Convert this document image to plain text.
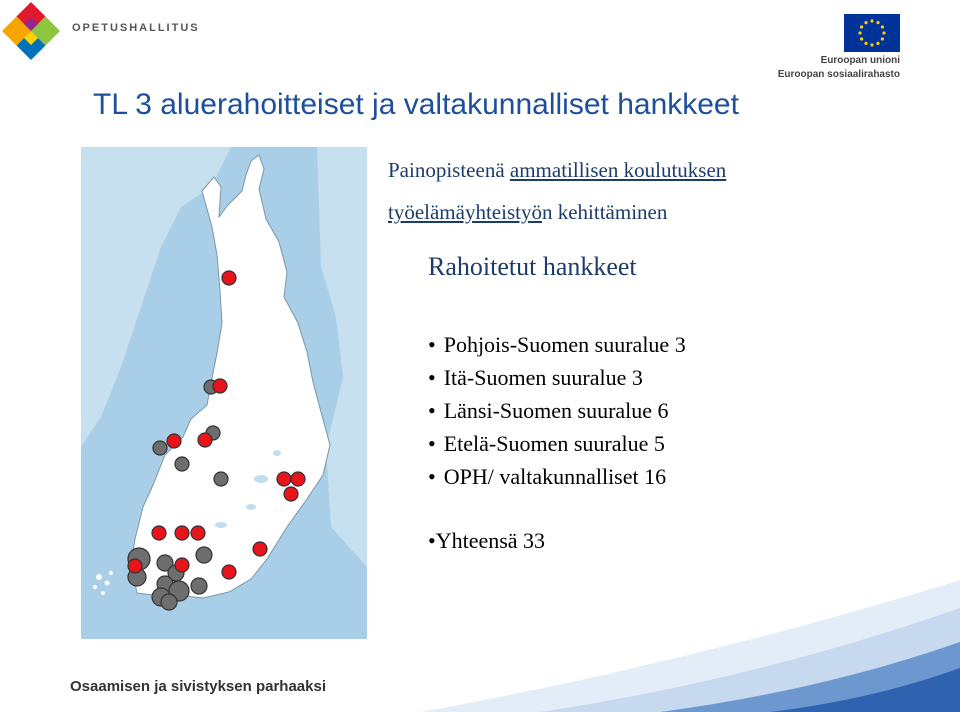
OPETUSHALLITUS
Euroopan unioni
Euroopan sosiaalirahasto
TL 3 aluerahoitteiset ja valtakunnalliset hankkeet
Painopisteenä ammatillisen koulutuksen
työelämäyhteistyön kehittäminen
Rahoitetut hankkeet
• Pohjois-Suomen suuralue 3
• Itä-Suomen suuralue 3
• Länsi-Suomen suuralue 6
• Etelä-Suomen suuralue 5
• OPH/ valtakunnalliset 16
•Yhteensä 33
Osaamisen ja sivistyksen parhaaksi
